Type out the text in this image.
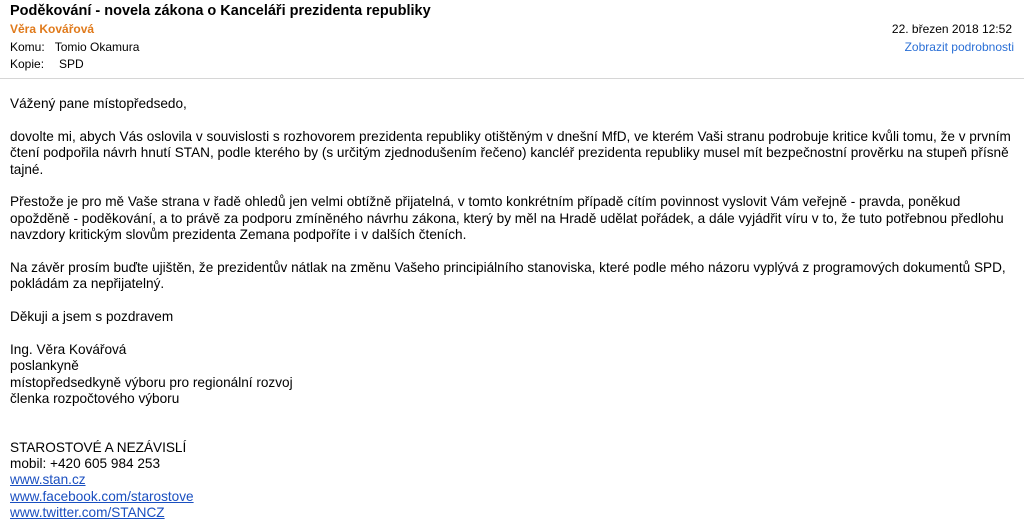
Poděkování - novela zákona o Kanceláři prezidenta republiky
Věra Kovářová	22. březen 2018 12:52
Komu: Tomio Okamura	Zobrazit podrobnosti
Kopie: SPD

Vážený pane místopředsedo,

dovolte mi, abych Vás oslovila v souvislosti s rozhovorem prezidenta republiky otištěným v dnešní MfD, ve kterém Vaši stranu podrobuje kritice kvůli tomu, že v prvním čtení podpořila návrh hnutí STAN, podle kterého by (s určitým zjednodušením řečeno) kancléř prezidenta republiky musel mít bezpečnostní prověrku na stupeň přísně tajné.

Přestože je pro mě Vaše strana v řadě ohledů jen velmi obtížně přijatelná, v tomto konkrétním případě cítím povinnost vyslovit Vám veřejně - pravda, poněkud opožděně - poděkování, a to právě za podporu zmíněného návrhu zákona, který by měl na Hradě udělat pořádek, a dále vyjádřit víru v to, že tuto potřebnou předlohu navzdory kritickým slovům prezidenta Zemana podpoříte i v dalších čteních.

Na závěr prosím buďte ujištěn, že prezidentův nátlak na změnu Vašeho principiálního stanoviska, které podle mého názoru vyplývá z programových dokumentů SPD, pokládám za nepřijatelný.

Děkuji a jsem s pozdravem

Ing. Věra Kovářová
poslankyně
místopředsedkyně výboru pro regionální rozvoj
členka rozpočtového výboru
STAROSTOVÉ A NEZÁVISLÍ
mobil: +420 605 984 253
www.stan.cz
www.facebook.com/starostove
www.twitter.com/STANCZ
